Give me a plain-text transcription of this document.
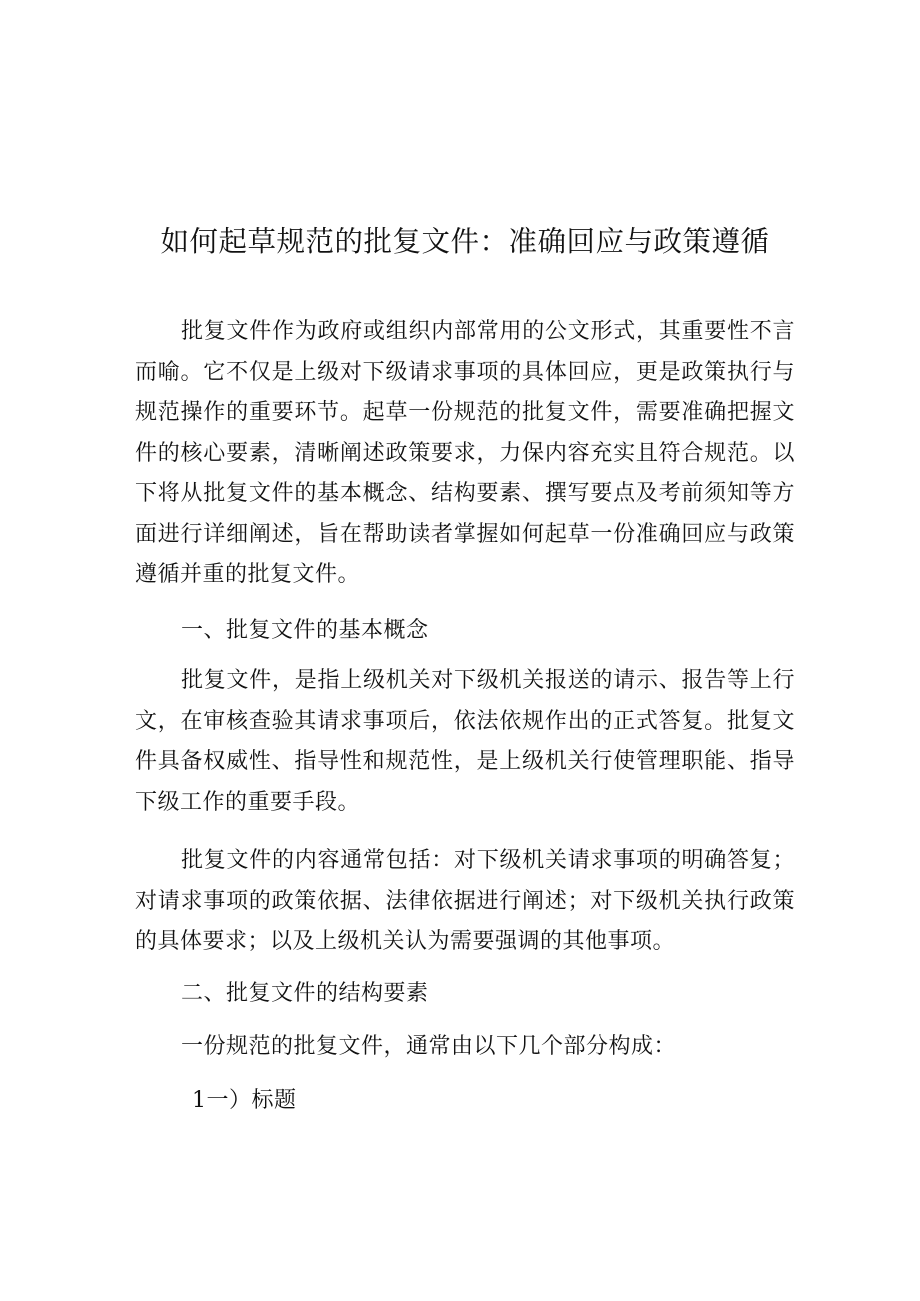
如何起草规范的批复文件：准确回应与政策遵循

批复文件作为政府或组织内部常用的公文形式，其重要性不言而喻。它不仅是上级对下级请求事项的具体回应，更是政策执行与规范操作的重要环节。起草一份规范的批复文件，需要准确把握文件的核心要素，清晰阐述政策要求，力保内容充实且符合规范。以下将从批复文件的基本概念、结构要素、撰写要点及考前须知等方面进行详细阐述，旨在帮助读者掌握如何起草一份准确回应与政策遵循并重的批复文件。

一、批复文件的基本概念

批复文件，是指上级机关对下级机关报送的请示、报告等上行文，在审核查验其请求事项后，依法依规作出的正式答复。批复文件具备权威性、指导性和规范性，是上级机关行使管理职能、指导下级工作的重要手段。

批复文件的内容通常包括：对下级机关请求事项的明确答复；对请求事项的政策依据、法律依据进行阐述；对下级机关执行政策的具体要求；以及上级机关认为需要强调的其他事项。

二、批复文件的结构要素

一份规范的批复文件，通常由以下几个部分构成：

1一）标题
